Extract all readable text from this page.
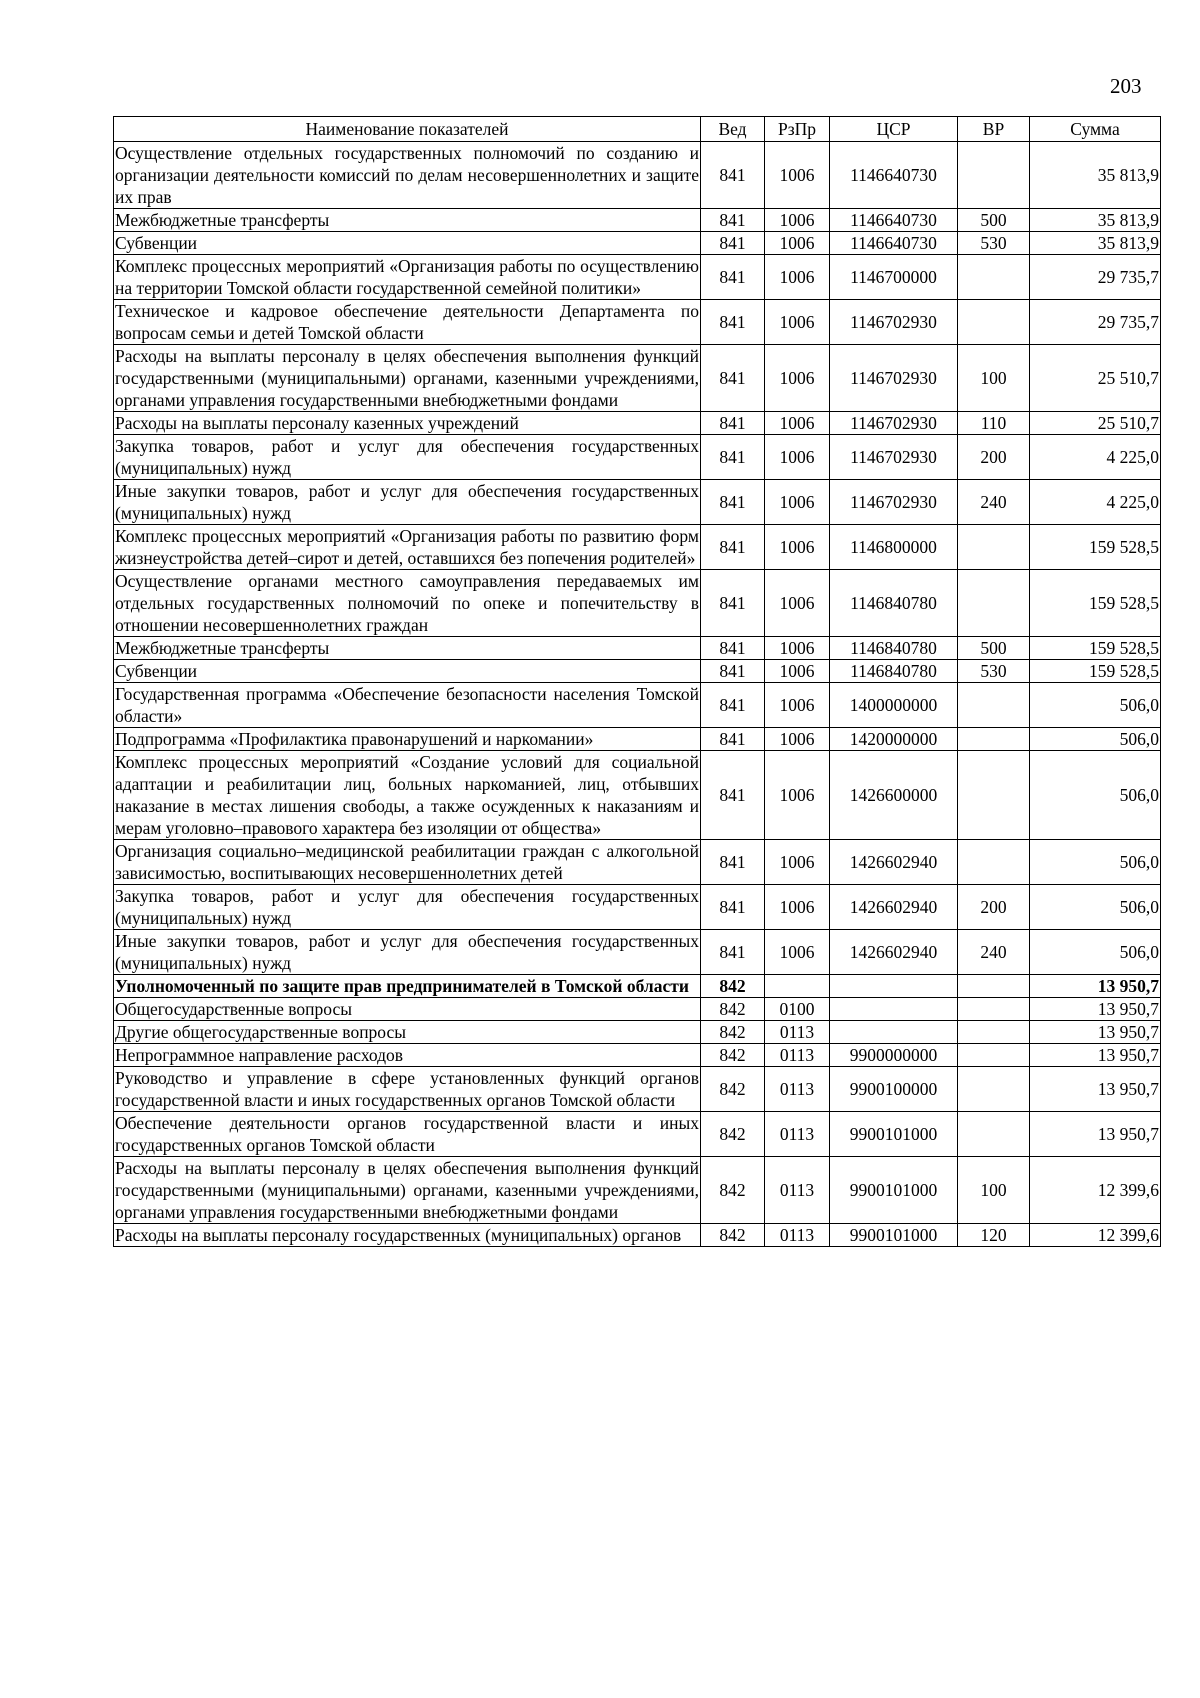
203
Наименование показателей	Вед	РзПр	ЦСР	ВР	Сумма
Осуществление отдельных государственных полномочий по созданию и организации деятельности комиссий по делам несовершеннолетних и защите их прав	841	1006	1146640730		35 813,9
Межбюджетные трансферты	841	1006	1146640730	500	35 813,9
Субвенции	841	1006	1146640730	530	35 813,9
Комплекс процессных мероприятий «Организация работы по осуществлению на территории Томской области государственной семейной политики»	841	1006	1146700000		29 735,7
Техническое и кадровое обеспечение деятельности Департамента по вопросам семьи и детей Томской области	841	1006	1146702930		29 735,7
Расходы на выплаты персоналу в целях обеспечения выполнения функций государственными (муниципальными) органами, казенными учреждениями, органами управления государственными внебюджетными фондами	841	1006	1146702930	100	25 510,7
Расходы на выплаты персоналу казенных учреждений	841	1006	1146702930	110	25 510,7
Закупка товаров, работ и услуг для обеспечения государственных (муниципальных) нужд	841	1006	1146702930	200	4 225,0
Иные закупки товаров, работ и услуг для обеспечения государственных (муниципальных) нужд	841	1006	1146702930	240	4 225,0
Комплекс процессных мероприятий «Организация работы по развитию форм жизнеустройства детей–сирот и детей, оставшихся без попечения родителей»	841	1006	1146800000		159 528,5
Осуществление органами местного самоуправления передаваемых им отдельных государственных полномочий по опеке и попечительству в отношении несовершеннолетних граждан	841	1006	1146840780		159 528,5
Межбюджетные трансферты	841	1006	1146840780	500	159 528,5
Субвенции	841	1006	1146840780	530	159 528,5
Государственная программа «Обеспечение безопасности населения Томской области»	841	1006	1400000000		506,0
Подпрограмма «Профилактика правонарушений и наркомании»	841	1006	1420000000		506,0
Комплекс процессных мероприятий «Создание условий для социальной адаптации и реабилитации лиц, больных наркоманией, лиц, отбывших наказание в местах лишения свободы, а также осужденных к наказаниям и мерам уголовно–правового характера без изоляции от общества»	841	1006	1426600000		506,0
Организация социально–медицинской реабилитации граждан с алкогольной зависимостью, воспитывающих несовершеннолетних детей	841	1006	1426602940		506,0
Закупка товаров, работ и услуг для обеспечения государственных (муниципальных) нужд	841	1006	1426602940	200	506,0
Иные закупки товаров, работ и услуг для обеспечения государственных (муниципальных) нужд	841	1006	1426602940	240	506,0
Уполномоченный по защите прав предпринимателей в Томской области	842				13 950,7
Общегосударственные вопросы	842	0100			13 950,7
Другие общегосударственные вопросы	842	0113			13 950,7
Непрограммное направление расходов	842	0113	9900000000		13 950,7
Руководство и управление в сфере установленных функций органов государственной власти и иных государственных органов Томской области	842	0113	9900100000		13 950,7
Обеспечение деятельности органов государственной власти и иных государственных органов Томской области	842	0113	9900101000		13 950,7
Расходы на выплаты персоналу в целях обеспечения выполнения функций государственными (муниципальными) органами, казенными учреждениями, органами управления государственными внебюджетными фондами	842	0113	9900101000	100	12 399,6
Расходы на выплаты персоналу государственных (муниципальных) органов	842	0113	9900101000	120	12 399,6
